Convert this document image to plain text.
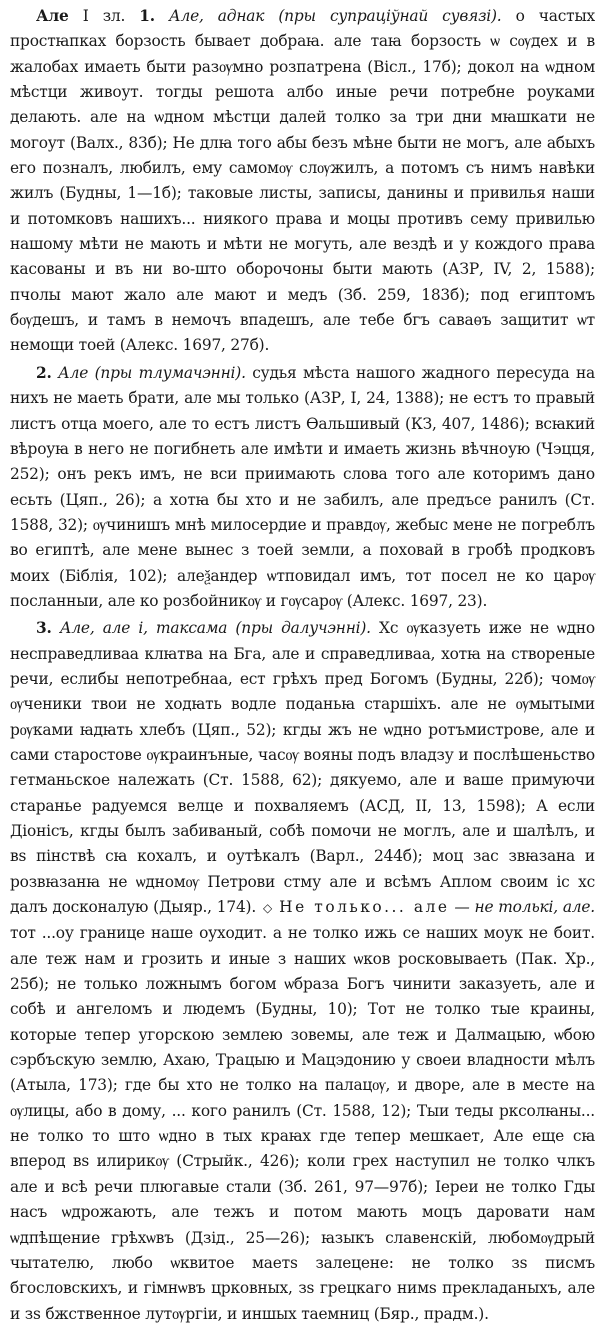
Але І зл. 1. Але, аднак (пры супраціўнай сувязі). о частых простꙗпках борзость бывает добраꙗ. але таꙗ борзость ѡ сѹдех и в жалобах имаеть быти разѹмно розпатрена (Вісл., 17б); докол на ѡдном мѣстци живоут. тогды решота албо иные речи потребне роуками делають. але на ѡдном мѣстци далей толко за три дни мꙗшкати не могоут (Валх., 83б); Не длꙗ того абы безъ мѣне быти не могъ, але абыхъ его позналъ, любилъ, ему самомѹ слѹжилъ, а потомъ съ нимъ навѣки жилъ (Будны, 1—1б); таковые листы, записы, данины и привилья наши и потомковъ нашихъ... ниякого права и моцы противъ сему привилью нашому мѣти не мають и мѣти не могуть, але вездѣ и у кождого права касованы и въ ни во-што оборочоны быти мають (АЗР, IV, 2, 1588); пчолы мают жало але мают и медъ (Зб. 259, 183б); под египтомъ бѹдешъ, и тамъ в немочъ впадешъ, але тебе бгъ саваѳъ защитит ѡт немощи тоей (Алекс. 1697, 27б).

2. Але (пры тлумачэнні). судья мѣста нашого жадного пересуда на нихъ не маеть брати, але мы только (АЗР, І, 24, 1388); не естъ то правый листъ отца моего, але то естъ листъ Ѳальшивый (КЗ, 407, 1486); всꙗкий вѣроуꙗ в него не погибнеть але имѣти и имаеть жизнь вѣчноую (Чэцця, 252); онъ рекъ имъ, не вси приимають слова того але которимъ дано есьть (Цяп., 26); а хотꙗ бы хто и не забилъ, але предъсе ранилъ (Ст. 1588, 32); ѹчинишъ мнѣ милосердие и правдѹ, жебыс мене не погреблъ во египтѣ, але мене вынес з тоей земли, а поховай в гробѣ продковъ моих (Біблія, 102); алеѯандер ѡтповидал имъ, тот посел не ко царѹ посланныи, але ко розбойникѹ и гѹсарѹ (Алекс. 1697, 23).

3. Але, але і, таксама (пры далучэнні). Хс ѹказуеть иже не ѡдно несправедливаа клꙗтва на Бга, але и справедливаа, хотꙗ на створеные речи, еслибы непотребнаа, ест грѣхъ пред Богомъ (Будны, 22б); чомѹ ѹченики твои не ходꙗть водле поданьꙗ старшіхъ. але не ѹмытыми рѹками ꙗдꙗть хлебъ (Цяп., 52); кгды жъ не ѡдно ротъмистрове, але и сами старостове ѹкраинъные, часѹ вояны подъ владзу и послѣшеньство гетманьское належать (Ст. 1588, 62); дякуемо, але и ваше примуючи старанье радуемся велце и похваляемъ (АСД, II, 13, 1598); А если Діонісъ, кгды былъ забиваный, собѣ помочи не моглъ, але и шалѣлъ, и вѕ пінствѣ сꙗ кохалъ, и оутѣкалъ (Варл., 244б); моц зас звꙗзана и розвꙗзанꙗ не ѡдномѹ Петрови стму але и всѣмъ Аплом своим іс хс далъ досконалую (Дыяр., 174). ◇ Не только... але — не толькі, але. тот ...оу границе наше оуходит. а не толко ижь се наших моук не боит. але теж нам и грозить и иные з наших ѡков росковываеть (Пак. Хр., 25б); не только ложнымъ богом ѡбраза Богъ чинити заказуеть, але и собѣ и ангеломъ и людемъ (Будны, 10); Тот не толко тые краины, которые тепер угорскою землею зовемы, але теж и Далмацыю, ѡбою сэрбъскую землю, Ахаю, Трацыю и Мацэдонию у своеи владности мѣлъ (Атыла, 173); где бы хто не толко на палацѹ, и дворе, але в месте на ѹлицы, або в дому, ... кого ранилъ (Ст. 1588, 12); Тыи теды ркcолꙗны... не толко то што ѡдно в тых крaꙗх где тепер мешкает, Але еще сꙗ вперод вѕ илирикѹ (Стрыйк., 426); коли грех наступил не толко члкъ але и всѣ речи плюгавые стали (Зб. 261, 97—97б); Іереи не толко Гды насъ ѡдрожають, але тежъ и потом мають моцъ даровати нам ѡдпѣщение грѣхѡвъ (Дзід., 25—26); ꙗзыкъ славенскій, любомѹдрый чытателю, любо ѡквитое маетѕ залецене: не толко зѕ писмъ бгословскихъ, и гімнѡвъ црковных, зѕ грецкаго нимѕ прекладаныхъ, але и зѕ бжственное лутѹргіи, и иншых таемниц (Бяр., прадм.).
